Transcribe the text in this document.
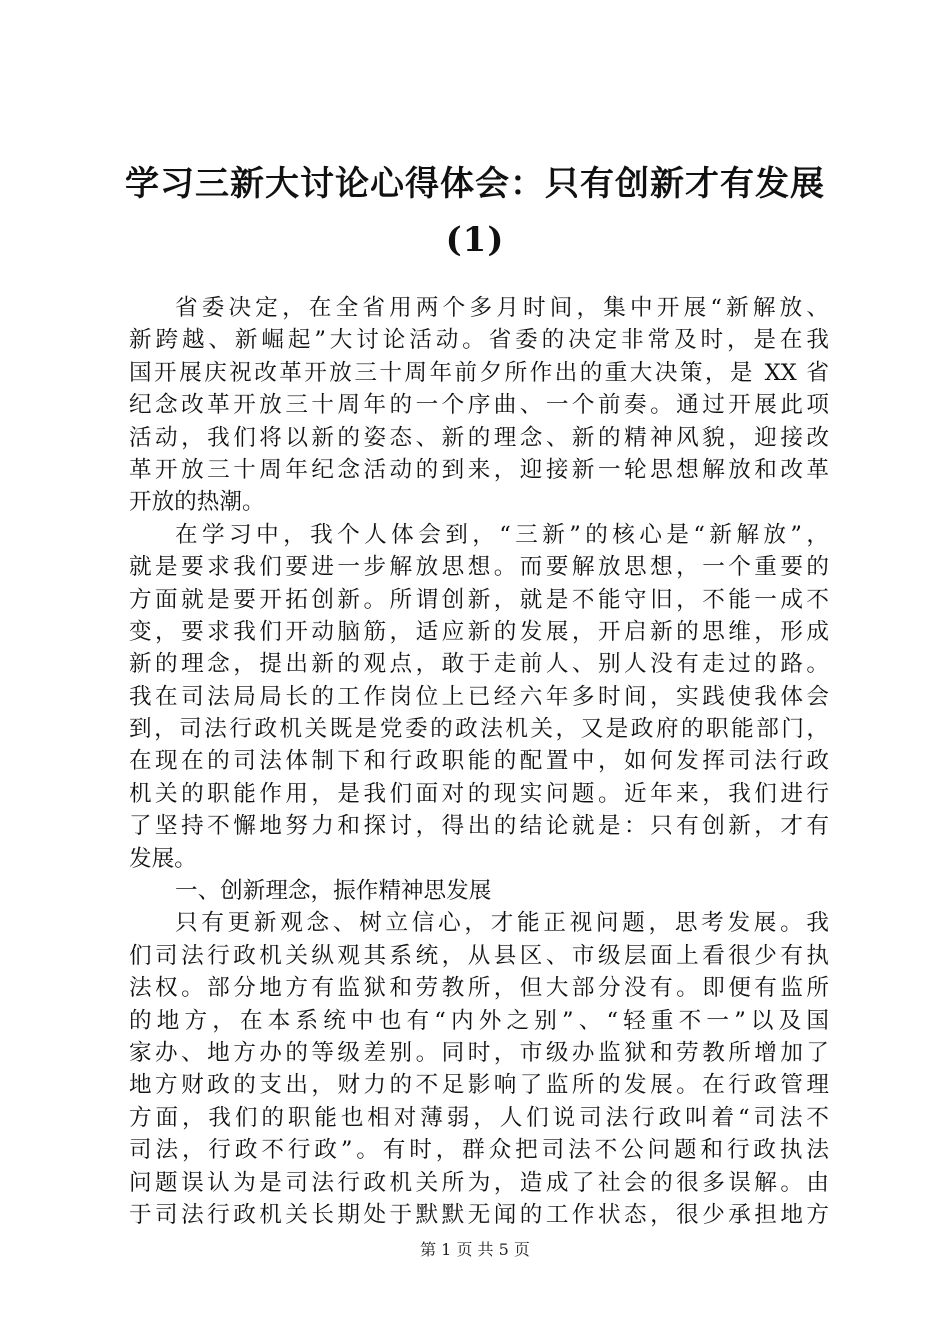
学习三新大讨论心得体会：只有创新才有发展
(1)
省委决定，在全省用两个多月时间，集中开展“新解放、
新跨越、新崛起”大讨论活动。省委的决定非常及时，是在我
国开展庆祝改革开放三十周年前夕所作出的重大决策，是 XX 省
纪念改革开放三十周年的一个序曲、一个前奏。通过开展此项
活动，我们将以新的姿态、新的理念、新的精神风貌，迎接改
革开放三十周年纪念活动的到来，迎接新一轮思想解放和改革
开放的热潮。
在学习中，我个人体会到，“三新”的核心是“新解放”，
就是要求我们要进一步解放思想。而要解放思想，一个重要的
方面就是要开拓创新。所谓创新，就是不能守旧，不能一成不
变，要求我们开动脑筋，适应新的发展，开启新的思维，形成
新的理念，提出新的观点，敢于走前人、别人没有走过的路。
我在司法局局长的工作岗位上已经六年多时间，实践使我体会
到，司法行政机关既是党委的政法机关，又是政府的职能部门，
在现在的司法体制下和行政职能的配置中，如何发挥司法行政
机关的职能作用，是我们面对的现实问题。近年来，我们进行
了坚持不懈地努力和探讨，得出的结论就是：只有创新，才有
发展。
一、创新理念，振作精神思发展
只有更新观念、树立信心，才能正视问题，思考发展。我
们司法行政机关纵观其系统，从县区、市级层面上看很少有执
法权。部分地方有监狱和劳教所，但大部分没有。即便有监所
的地方，在本系统中也有“内外之别”、“轻重不一”以及国
家办、地方办的等级差别。同时，市级办监狱和劳教所增加了
地方财政的支出，财力的不足影响了监所的发展。在行政管理
方面，我们的职能也相对薄弱，人们说司法行政叫着“司法不
司法，行政不行政”。有时，群众把司法不公问题和行政执法
问题误认为是司法行政机关所为，造成了社会的很多误解。由
于司法行政机关长期处于默默无闻的工作状态，很少承担地方
第 1 页 共 5 页
